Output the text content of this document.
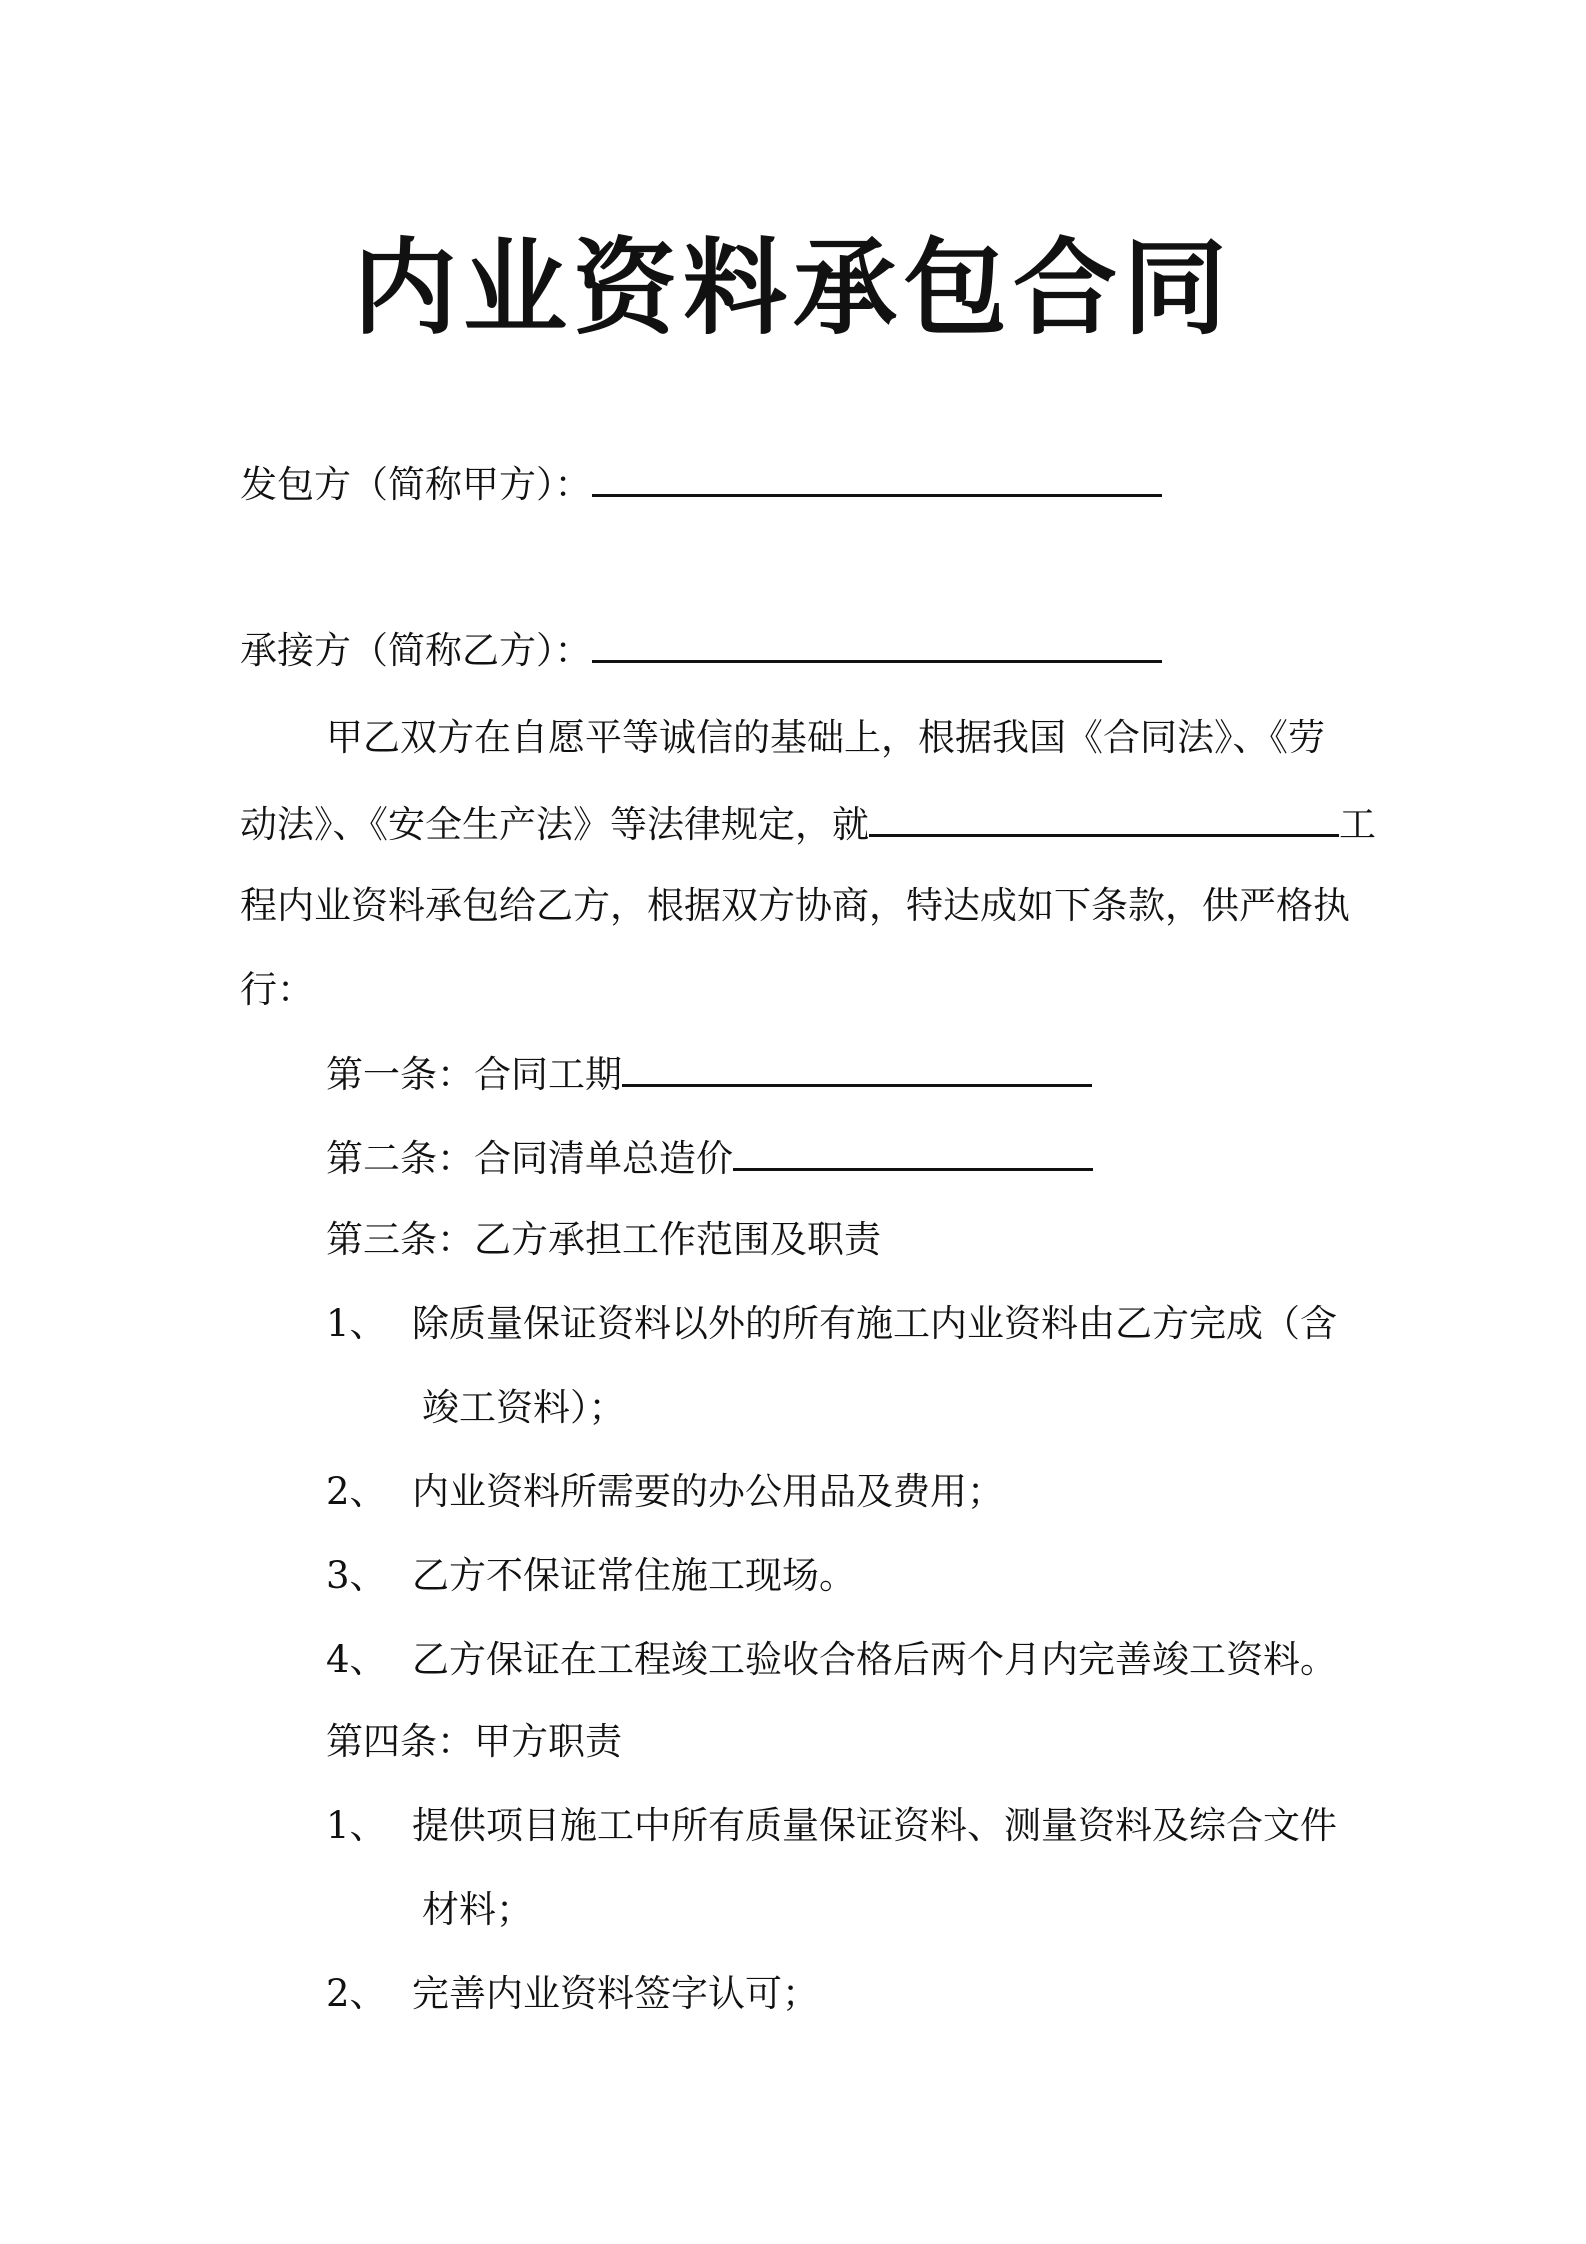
内业资料承包合同
发包方（简称甲方）：
承接方（简称乙方）：
甲乙双方在自愿平等诚信的基础上，根据我国《合同法》、《劳
动法》、《安全生产法》等法律规定，就	工
程内业资料承包给乙方，根据双方协商，特达成如下条款，供严格执
行：
第一条：合同工期
第二条：合同清单总造价
第三条：乙方承担工作范围及职责
1、 除质量保证资料以外的所有施工内业资料由乙方完成（含
竣工资料）；
2、 内业资料所需要的办公用品及费用；
3、 乙方不保证常住施工现场。
4、 乙方保证在工程竣工验收合格后两个月内完善竣工资料。
第四条：甲方职责
1、 提供项目施工中所有质量保证资料、测量资料及综合文件
材料；
2、 完善内业资料签字认可；
